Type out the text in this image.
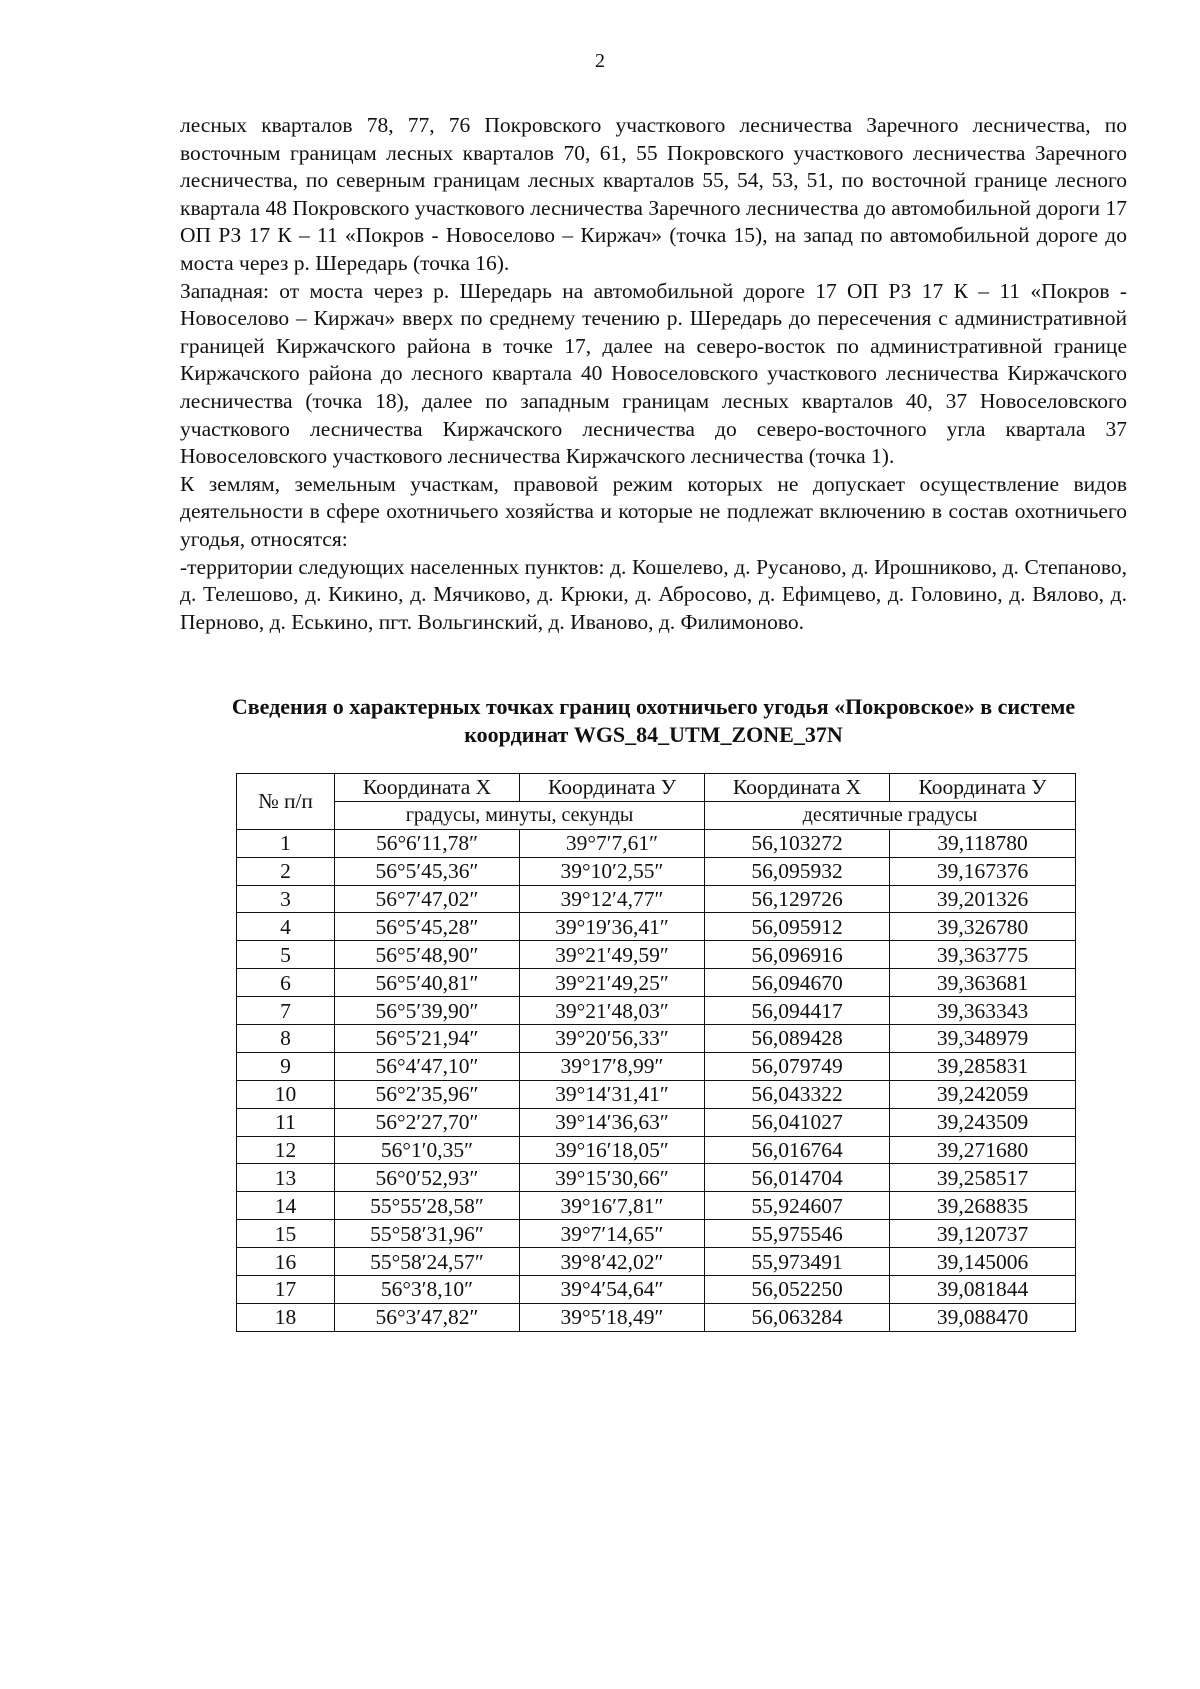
2

лесных кварталов 78, 77, 76 Покровского участкового лесничества Заречного лесничества, по восточным границам лесных кварталов 70, 61, 55 Покровского участкового лесничества Заречного лесничества, по северным границам лесных кварталов 55, 54, 53, 51, по восточной границе лесного квартала 48 Покровского участкового лесничества Заречного лесничества до автомобильной дороги 17 ОП РЗ 17 К – 11 «Покров - Новоселово – Киржач» (точка 15), на запад по автомобильной дороге до моста через р. Шередарь (точка 16).

Западная: от моста через р. Шередарь на автомобильной дороге 17 ОП РЗ 17 К – 11 «Покров - Новоселово – Киржач» вверх по среднему течению р. Шередарь до пересечения с административной границей Киржачского района в точке 17, далее на северо-восток по административной границе Киржачского района до лесного квартала 40 Новоселовского участкового лесничества Киржачского лесничества (точка 18), далее по западным границам лесных кварталов 40, 37 Новоселовского участкового лесничества Киржачского лесничества до северо-восточного угла квартала 37 Новоселовского участкового лесничества Киржачского лесничества (точка 1).

К землям, земельным участкам, правовой режим которых не допускает осуществление видов деятельности в сфере охотничьего хозяйства и которые не подлежат включению в состав охотничьего угодья, относятся:

-территории следующих населенных пунктов: д. Кошелево, д. Русаново, д. Ирошниково, д. Степаново, д. Телешово, д. Кикино, д. Мячиково, д. Крюки, д. Абросово, д. Ефимцево, д. Головино, д. Вялово, д. Перново, д. Еськино, пгт. Вольгинский, д. Иваново, д. Филимоново.

Сведения о характерных точках границ охотничьего угодья «Покровское» в системе
координат WGS_84_UTM_ZONE_37N
№ п/п	Координата Х	Координата У	Координата Х	Координата У
	градусы, минуты, секунды		десятичные градусы	
1	56°6′11,78″	39°7′7,61″	56,103272	39,118780
2	56°5′45,36″	39°10′2,55″	56,095932	39,167376
3	56°7′47,02″	39°12′4,77″	56,129726	39,201326
4	56°5′45,28″	39°19′36,41″	56,095912	39,326780
5	56°5′48,90″	39°21′49,59″	56,096916	39,363775
6	56°5′40,81″	39°21′49,25″	56,094670	39,363681
7	56°5′39,90″	39°21′48,03″	56,094417	39,363343
8	56°5′21,94″	39°20′56,33″	56,089428	39,348979
9	56°4′47,10″	39°17′8,99″	56,079749	39,285831
10	56°2′35,96″	39°14′31,41″	56,043322	39,242059
11	56°2′27,70″	39°14′36,63″	56,041027	39,243509
12	56°1′0,35″	39°16′18,05″	56,016764	39,271680
13	56°0′52,93″	39°15′30,66″	56,014704	39,258517
14	55°55′28,58″	39°16′7,81″	55,924607	39,268835
15	55°58′31,96″	39°7′14,65″	55,975546	39,120737
16	55°58′24,57″	39°8′42,02″	55,973491	39,145006
17	56°3′8,10″	39°4′54,64″	56,052250	39,081844
18	56°3′47,82″	39°5′18,49″	56,063284	39,088470
